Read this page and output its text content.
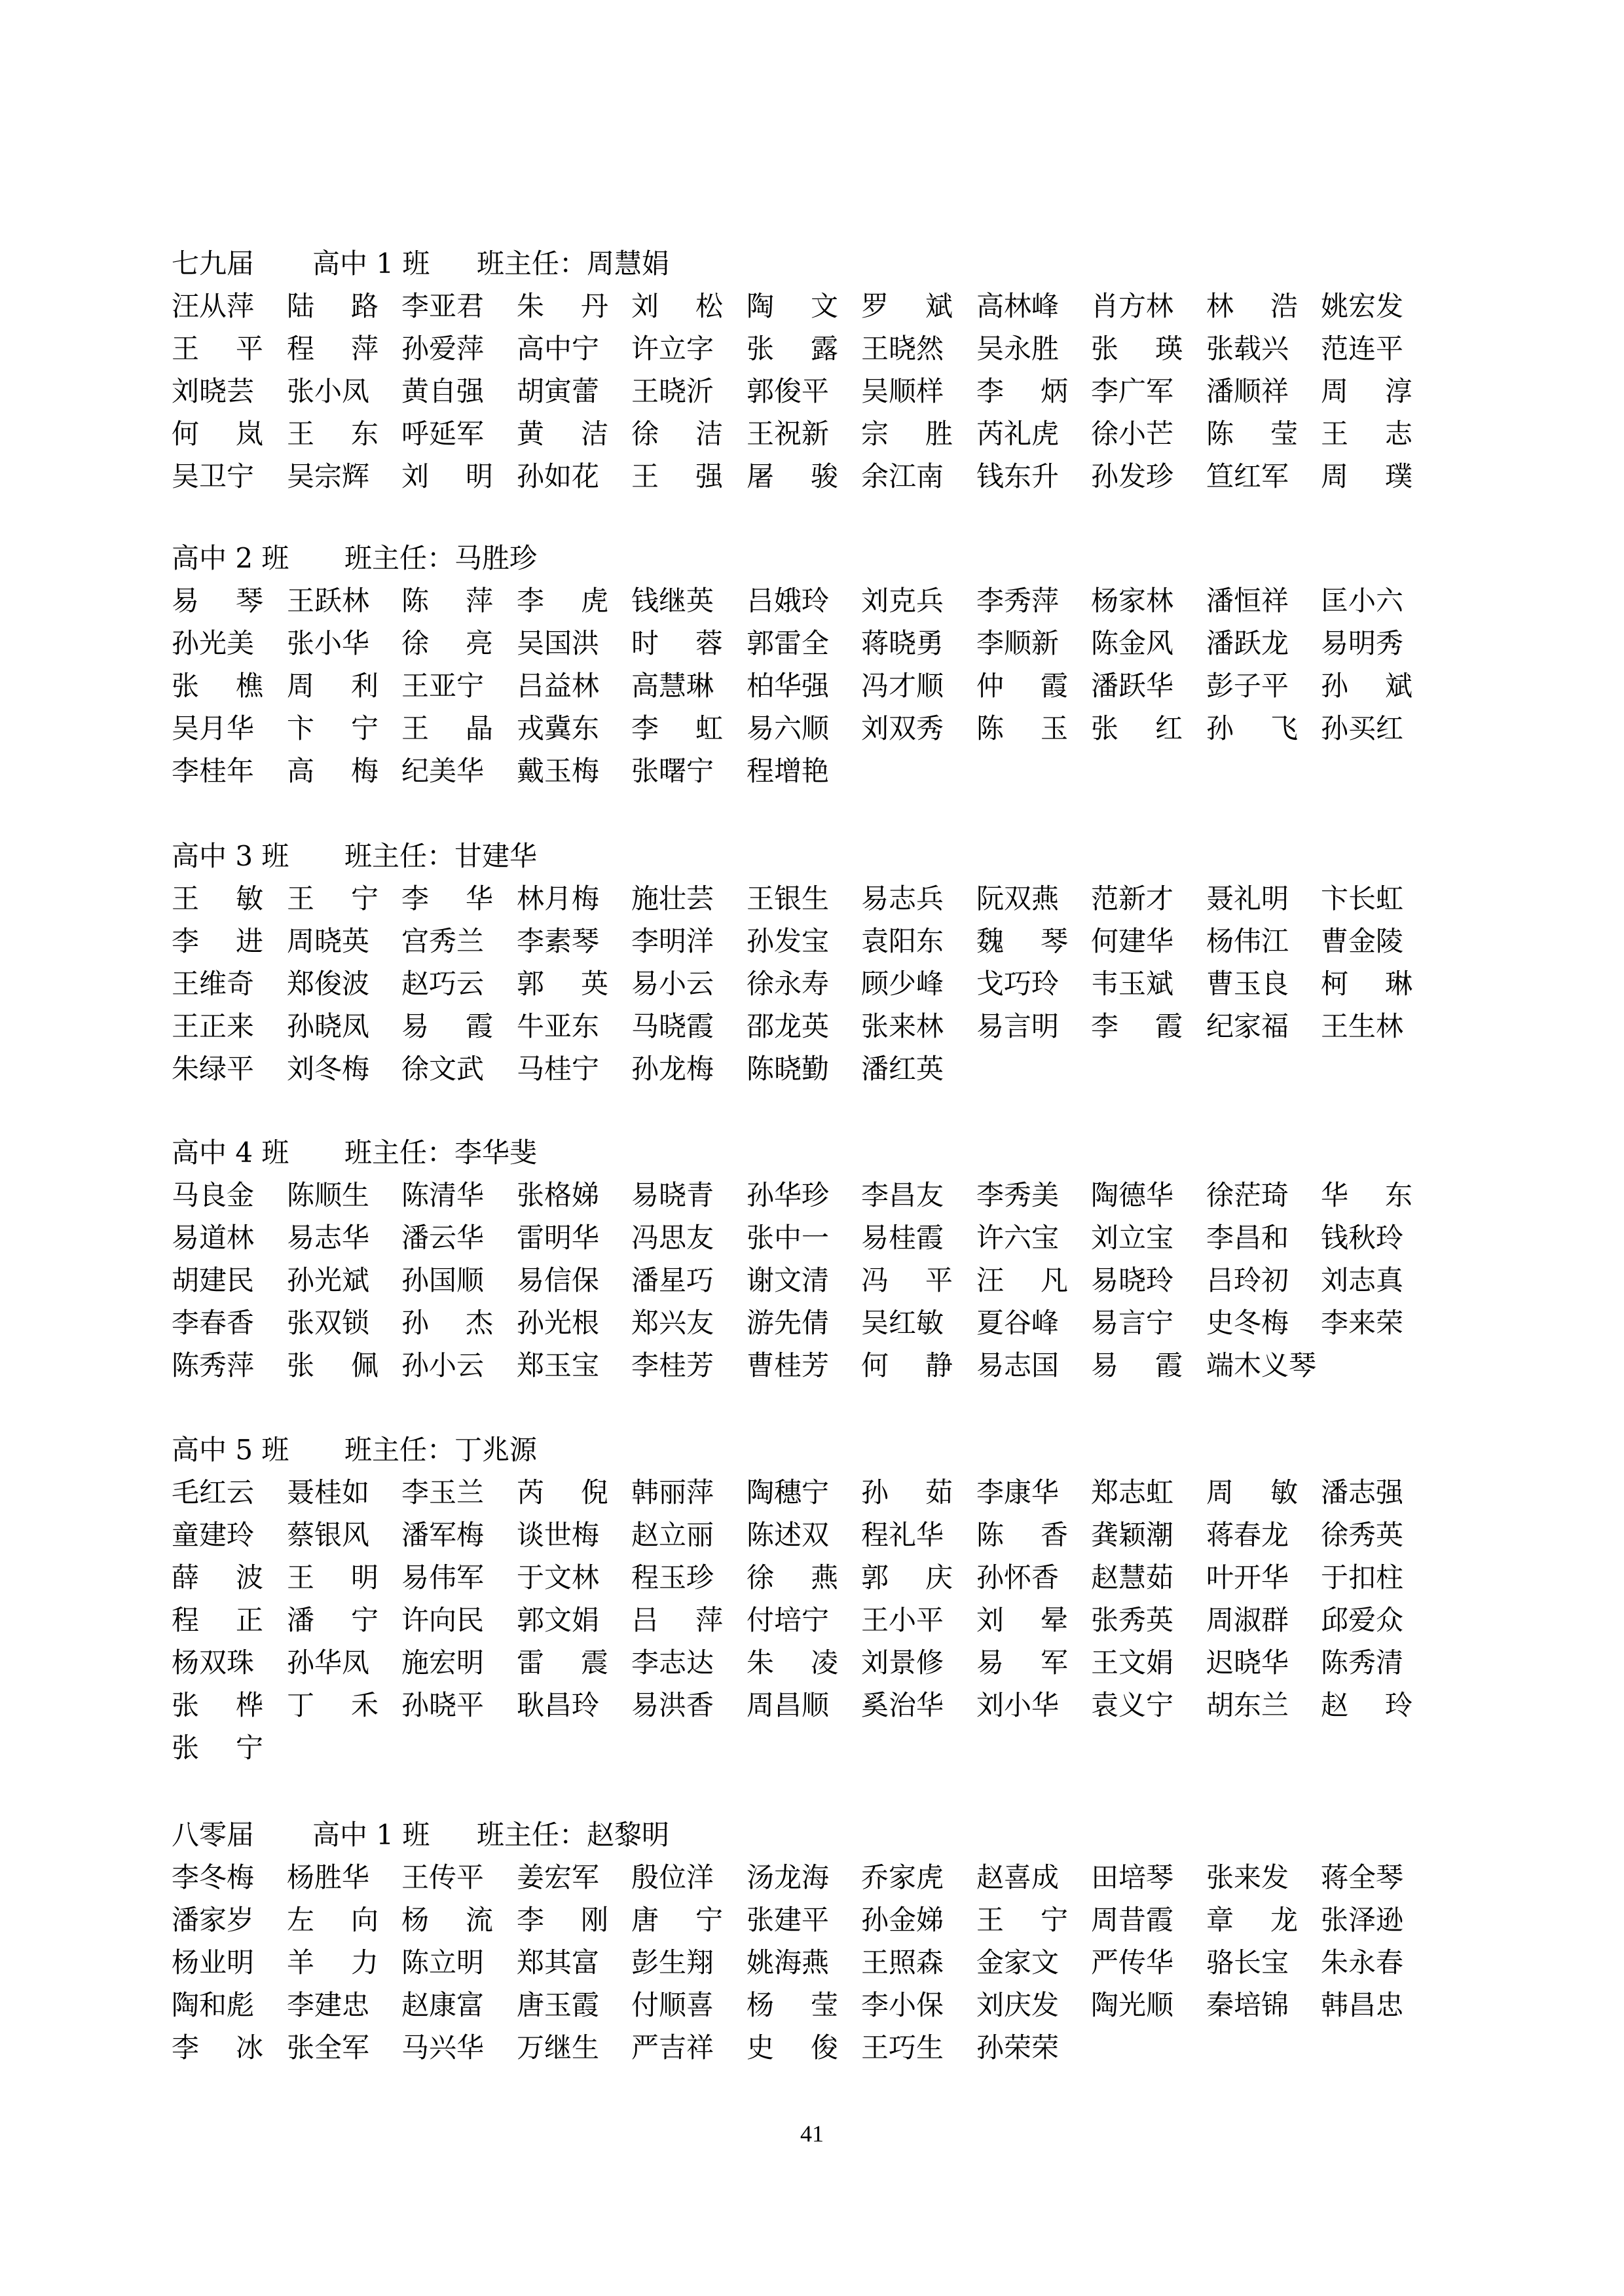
七九届 高中 1 班 班主任：周慧娟
汪从萍 陆 路 李亚君 朱 丹 刘 松 陶 文 罗 斌 高林峰 肖方林 林 浩 姚宏发
王 平 程 萍 孙爱萍 高中宁 许立字 张 露 王晓然 吴永胜 张 瑛 张载兴 范连平
刘晓芸 张小凤 黄自强 胡寅蕾 王晓沂 郭俊平 吴顺样 李 炳 李广军 潘顺祥 周 淳
何 岚 王 东 呼延军 黄 洁 徐 洁 王祝新 宗 胜 芮礼虎 徐小芒 陈 莹 王 志
吴卫宁 吴宗辉 刘 明 孙如花 王 强 屠 骏 余江南 钱东升 孙发珍 笪红军 周 璞
高中 2 班 班主任：马胜珍
易 琴 王跃林 陈 萍 李 虎 钱继英 吕娥玲 刘克兵 李秀萍 杨家林 潘恒祥 匡小六
孙光美 张小华 徐 亮 吴国洪 时 蓉 郭雷全 蒋晓勇 李顺新 陈金风 潘跃龙 易明秀
张 樵 周 利 王亚宁 吕益林 高慧琳 柏华强 冯才顺 仲 霞 潘跃华 彭子平 孙 斌
吴月华 卞 宁 王 晶 戎冀东 李 虹 易六顺 刘双秀 陈 玉 张 红 孙 飞 孙买红
李桂年 高 梅 纪美华 戴玉梅 张曙宁 程增艳
高中 3 班 班主任：甘建华
王 敏 王 宁 李 华 林月梅 施壮芸 王银生 易志兵 阮双燕 范新才 聂礼明 卞长虹
李 进 周晓英 宫秀兰 李素琴 李明洋 孙发宝 袁阳东 魏 琴 何建华 杨伟江 曹金陵
王维奇 郑俊波 赵巧云 郭 英 易小云 徐永寿 顾少峰 戈巧玲 韦玉斌 曹玉良 柯 琳
王正来 孙晓凤 易 霞 牛亚东 马晓霞 邵龙英 张来林 易言明 李 霞 纪家福 王生林
朱绿平 刘冬梅 徐文武 马桂宁 孙龙梅 陈晓勤 潘红英
高中 4 班 班主任：李华斐
马良金 陈顺生 陈清华 张格娣 易晓青 孙华珍 李昌友 李秀美 陶德华 徐茫琦 华 东
易道林 易志华 潘云华 雷明华 冯思友 张中一 易桂霞 许六宝 刘立宝 李昌和 钱秋玲
胡建民 孙光斌 孙国顺 易信保 潘星巧 谢文清 冯 平 汪 凡 易晓玲 吕玲初 刘志真
李春香 张双锁 孙 杰 孙光根 郑兴友 游先倩 吴红敏 夏谷峰 易言宁 史冬梅 李来荣
陈秀萍 张 佩 孙小云 郑玉宝 李桂芳 曹桂芳 何 静 易志国 易 霞 端木义琴
高中 5 班 班主任：丁兆源
毛红云 聂桂如 李玉兰 芮 倪 韩丽萍 陶穗宁 孙 茹 李康华 郑志虹 周 敏 潘志强
童建玲 蔡银风 潘军梅 谈世梅 赵立丽 陈述双 程礼华 陈 香 龚颖潮 蒋春龙 徐秀英
薛 波 王 明 易伟军 于文林 程玉珍 徐 燕 郭 庆 孙怀香 赵慧茹 叶开华 于扣柱
程 正 潘 宁 许向民 郭文娟 吕 萍 付培宁 王小平 刘 晕 张秀英 周淑群 邱爱众
杨双珠 孙华凤 施宏明 雷 震 李志达 朱 凌 刘景修 易 军 王文娟 迟晓华 陈秀清
张 桦 丁 禾 孙晓平 耿昌玲 易洪香 周昌顺 奚治华 刘小华 袁义宁 胡东兰 赵 玲
张 宁
八零届 高中 1 班 班主任：赵黎明
李冬梅 杨胜华 王传平 姜宏军 殷位洋 汤龙海 乔家虎 赵喜成 田培琴 张来发 蒋全琴
潘家岁 左 向 杨 流 李 刚 唐 宁 张建平 孙金娣 王 宁 周昔霞 章 龙 张泽逊
杨业明 羊 力 陈立明 郑其富 彭生翔 姚海燕 王照森 金家文 严传华 骆长宝 朱永春
陶和彪 李建忠 赵康富 唐玉霞 付顺喜 杨 莹 李小保 刘庆发 陶光顺 秦培锦 韩昌忠
李 冰 张全军 马兴华 万继生 严吉祥 史 俊 王巧生 孙荣荣
41
